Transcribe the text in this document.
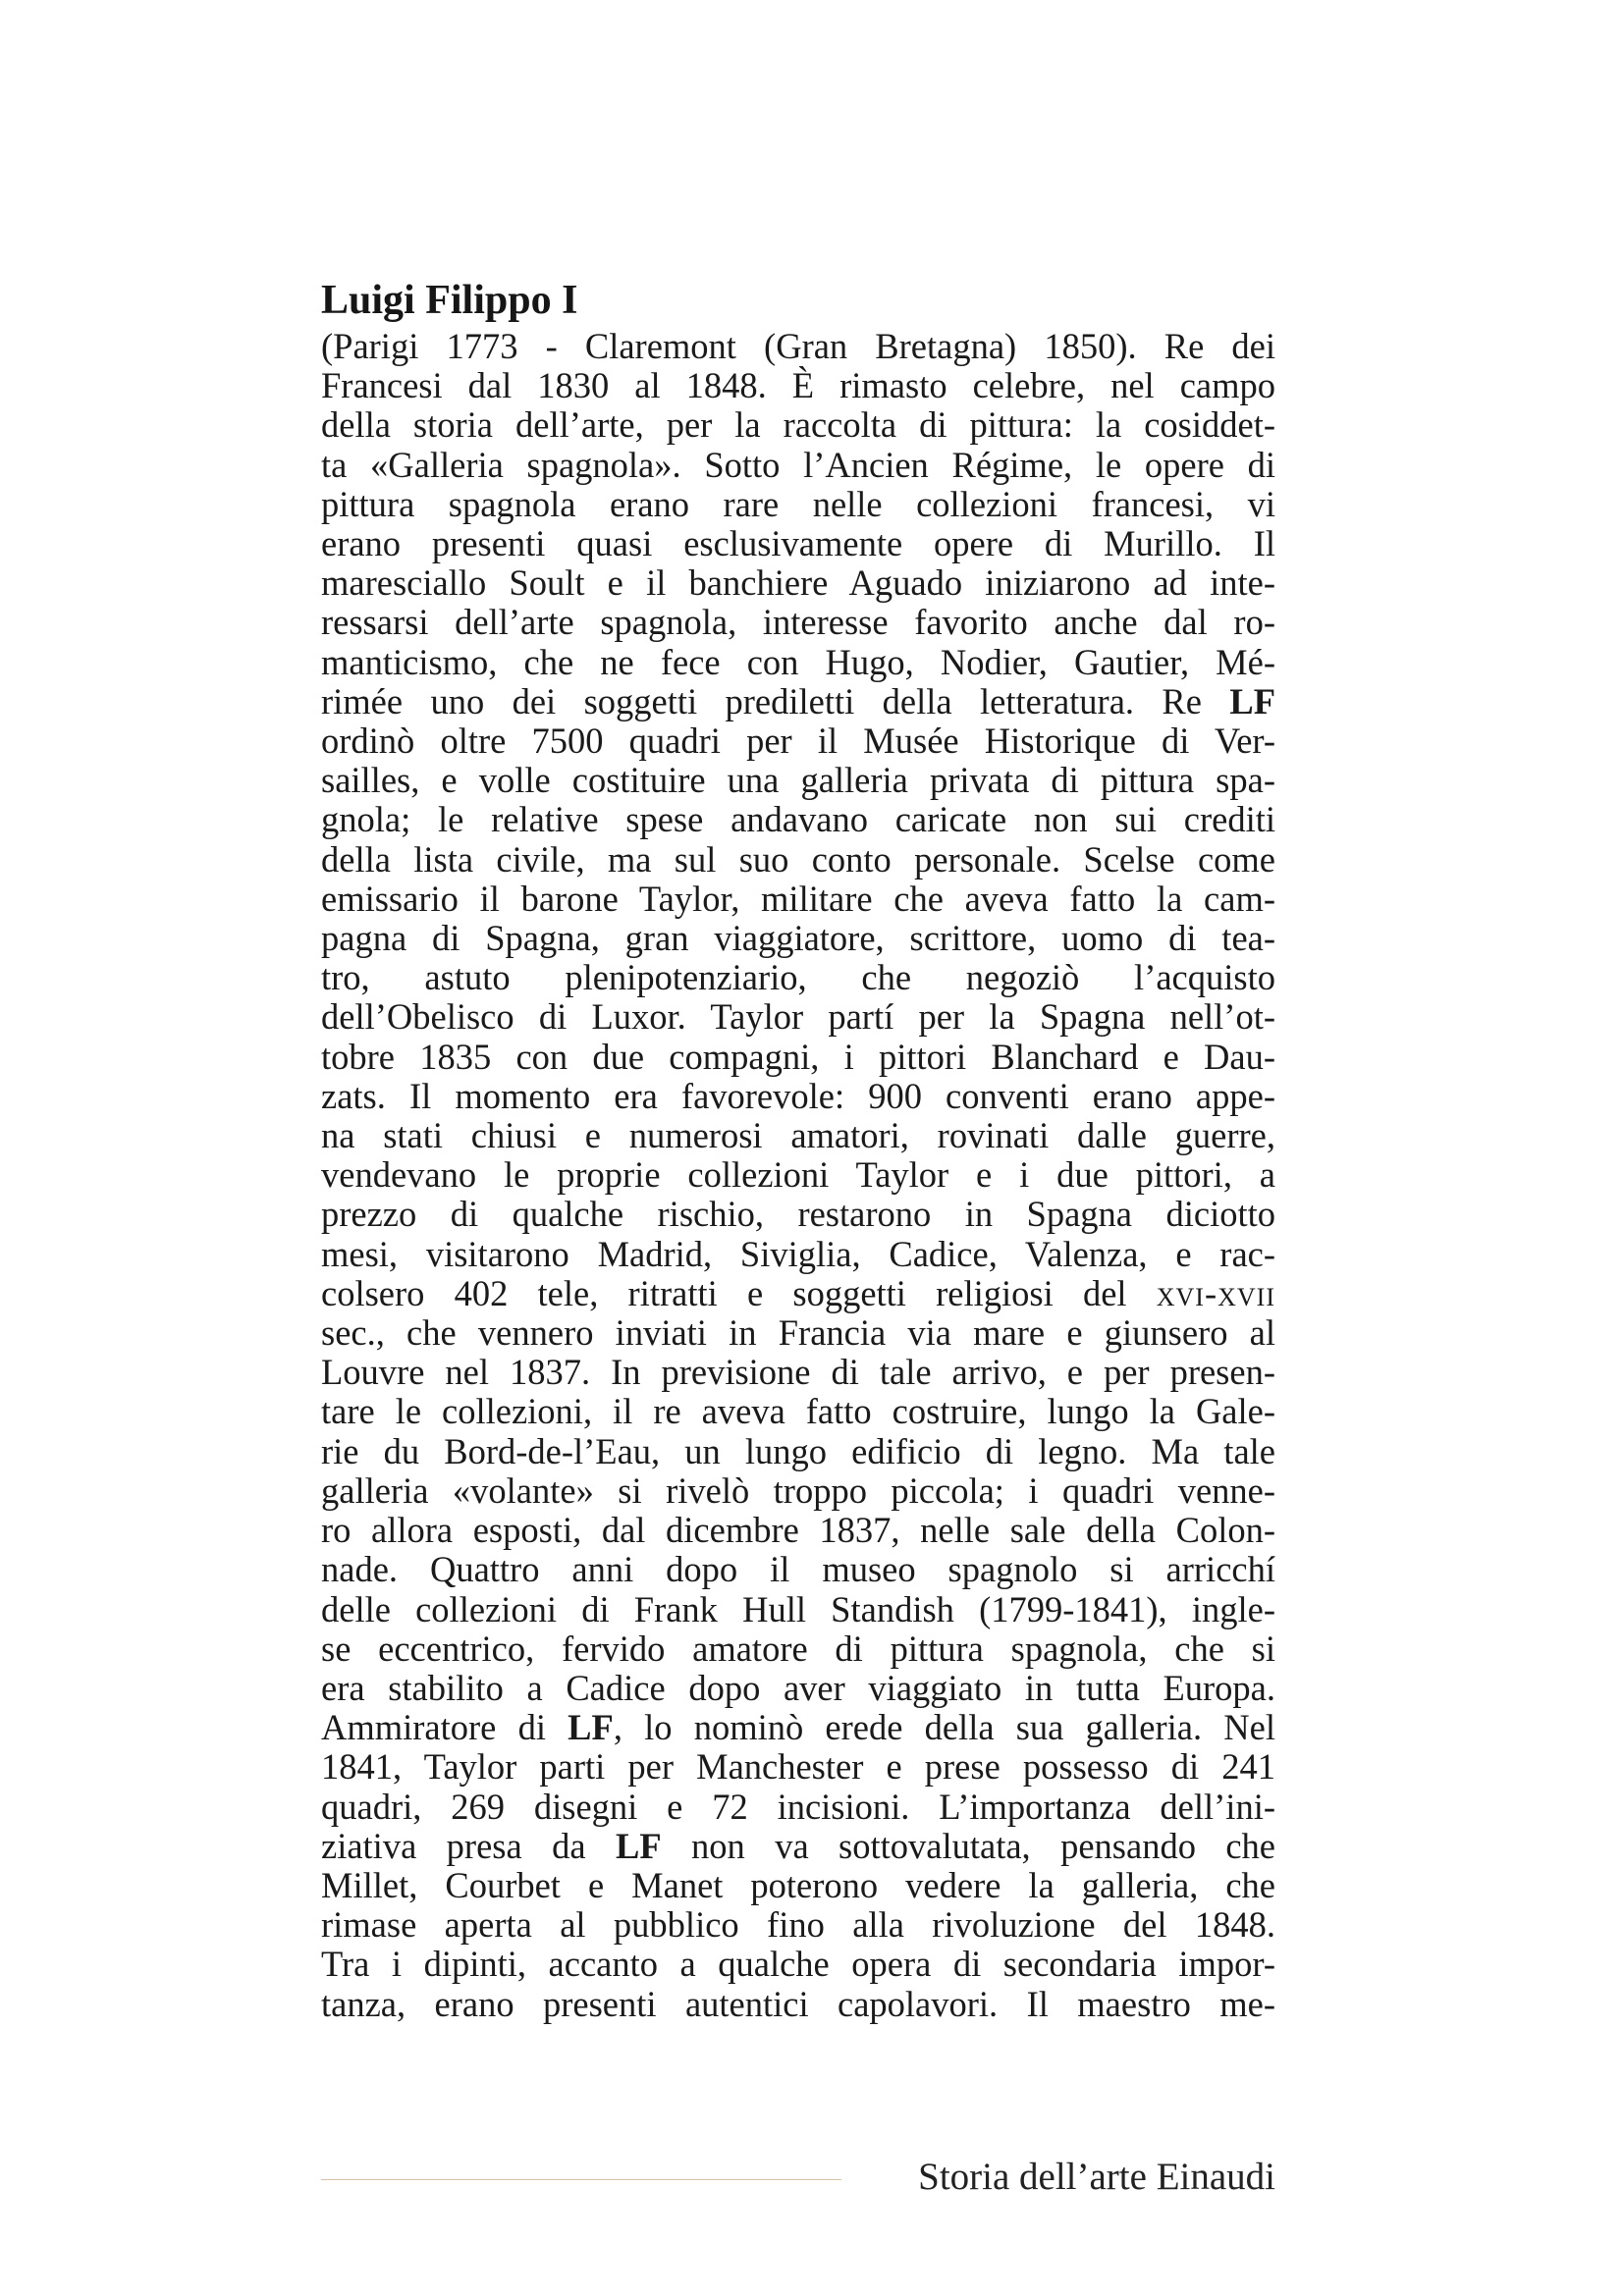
Luigi Filippo I
(Parigi 1773 - Claremont (Gran Bretagna) 1850). Re dei
Francesi dal 1830 al 1848. È rimasto celebre, nel campo
della storia dell’arte, per la raccolta di pittura: la cosiddet-
ta «Galleria spagnola». Sotto l’Ancien Régime, le opere di
pittura spagnola erano rare nelle collezioni francesi, vi
erano presenti quasi esclusivamente opere di Murillo. Il
maresciallo Soult e il banchiere Aguado iniziarono ad inte-
ressarsi dell’arte spagnola, interesse favorito anche dal ro-
manticismo, che ne fece con Hugo, Nodier, Gautier, Mé-
rimée uno dei soggetti prediletti della letteratura. Re LF
ordinò oltre 7500 quadri per il Musée Historique di Ver-
sailles, e volle costituire una galleria privata di pittura spa-
gnola; le relative spese andavano caricate non sui crediti
della lista civile, ma sul suo conto personale. Scelse come
emissario il barone Taylor, militare che aveva fatto la cam-
pagna di Spagna, gran viaggiatore, scrittore, uomo di tea-
tro, astuto plenipotenziario, che negoziò l’acquisto
dell’Obelisco di Luxor. Taylor partí per la Spagna nell’ot-
tobre 1835 con due compagni, i pittori Blanchard e Dau-
zats. Il momento era favorevole: 900 conventi erano appe-
na stati chiusi e numerosi amatori, rovinati dalle guerre,
vendevano le proprie collezioni Taylor e i due pittori, a
prezzo di qualche rischio, restarono in Spagna diciotto
mesi, visitarono Madrid, Siviglia, Cadice, Valenza, e rac-
colsero 402 tele, ritratti e soggetti religiosi del xvi-xvii
sec., che vennero inviati in Francia via mare e giunsero al
Louvre nel 1837. In previsione di tale arrivo, e per presen-
tare le collezioni, il re aveva fatto costruire, lungo la Gale-
rie du Bord-de-l’Eau, un lungo edificio di legno. Ma tale
galleria «volante» si rivelò troppo piccola; i quadri venne-
ro allora esposti, dal dicembre 1837, nelle sale della Colon-
nade. Quattro anni dopo il museo spagnolo si arricchí
delle collezioni di Frank Hull Standish (1799-1841), ingle-
se eccentrico, fervido amatore di pittura spagnola, che si
era stabilito a Cadice dopo aver viaggiato in tutta Europa.
Ammiratore di LF, lo nominò erede della sua galleria. Nel
1841, Taylor parti per Manchester e prese possesso di 241
quadri, 269 disegni e 72 incisioni. L’importanza dell’ini-
ziativa presa da LF non va sottovalutata, pensando che
Millet, Courbet e Manet poterono vedere la galleria, che
rimase aperta al pubblico fino alla rivoluzione del 1848.
Tra i dipinti, accanto a qualche opera di secondaria impor-
tanza, erano presenti autentici capolavori. Il maestro me-
Storia dell’arte Einaudi
